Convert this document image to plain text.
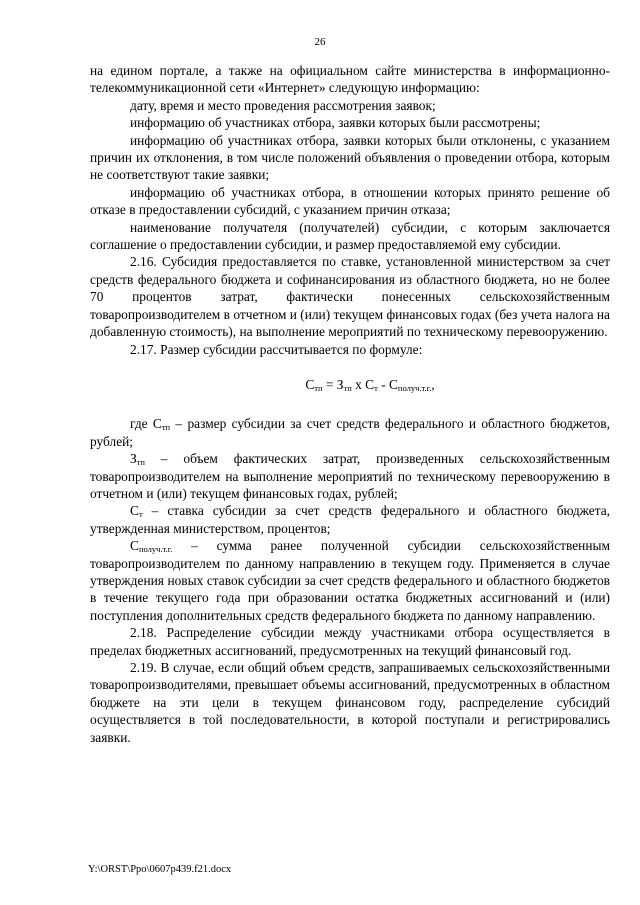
26

на едином портале, а также на официальном сайте министерства в информационно-телекоммуникационной сети «Интернет» следующую информацию:

дату, время и место проведения рассмотрения заявок;

информацию об участниках отбора, заявки которых были рассмотрены;

информацию об участниках отбора, заявки которых были отклонены, с указанием причин их отклонения, в том числе положений объявления о проведении отбора, которым не соответствуют такие заявки;

информацию об участниках отбора, в отношении которых принято решение об отказе в предоставлении субсидий, с указанием причин отказа;

наименование получателя (получателей) субсидии, с которым заключается соглашение о предоставлении субсидии, и размер предоставляемой ему субсидии.

2.16. Субсидия предоставляется по ставке, установленной министерством за счет средств федерального бюджета и софинансирования из областного бюджета, но не более 70 процентов затрат, фактически понесенных сельскохозяйственным товаропроизводителем в отчетном и (или) текущем финансовых годах (без учета налога на добавленную стоимость), на выполнение мероприятий по техническому перевооружению.

2.17. Размер субсидии рассчитывается по формуле:

$С_{тп} = З_{тп}$ x $С_т - С_{получ.т.г.}$,

где $С_{тп}$ – размер субсидии за счет средств федерального и областного бюджетов, рублей;

$З_{тп}$ – объем фактических затрат, произведенных сельскохозяйственным товаропроизводителем на выполнение мероприятий по техническому перевооружению в отчетном и (или) текущем финансовых годах, рублей;

$С_т$ – ставка субсидии за счет средств федерального и областного бюджета, утвержденная министерством, процентов;

$С_{получ.т.г.}$ – сумма ранее полученной субсидии сельскохозяйственным товаропроизводителем по данному направлению в текущем году. Применяется в случае утверждения новых ставок субсидии за счет средств федерального и областного бюджетов в течение текущего года при образовании остатка бюджетных ассигнований и (или) поступления дополнительных средств федерального бюджета по данному направлению.

2.18. Распределение субсидии между участниками отбора осуществляется в пределах бюджетных ассигнований, предусмотренных на текущий финансовый год.

2.19. В случае, если общий объем средств, запрашиваемых сельскохозяйственными товаропроизводителями, превышает объемы ассигнований, предусмотренных в областном бюджете на эти цели в текущем финансовом году, распределение субсидий осуществляется в той последовательности, в которой поступали и регистрировались заявки.

Y:\ORST\Ppo\0607p439.f21.docx
